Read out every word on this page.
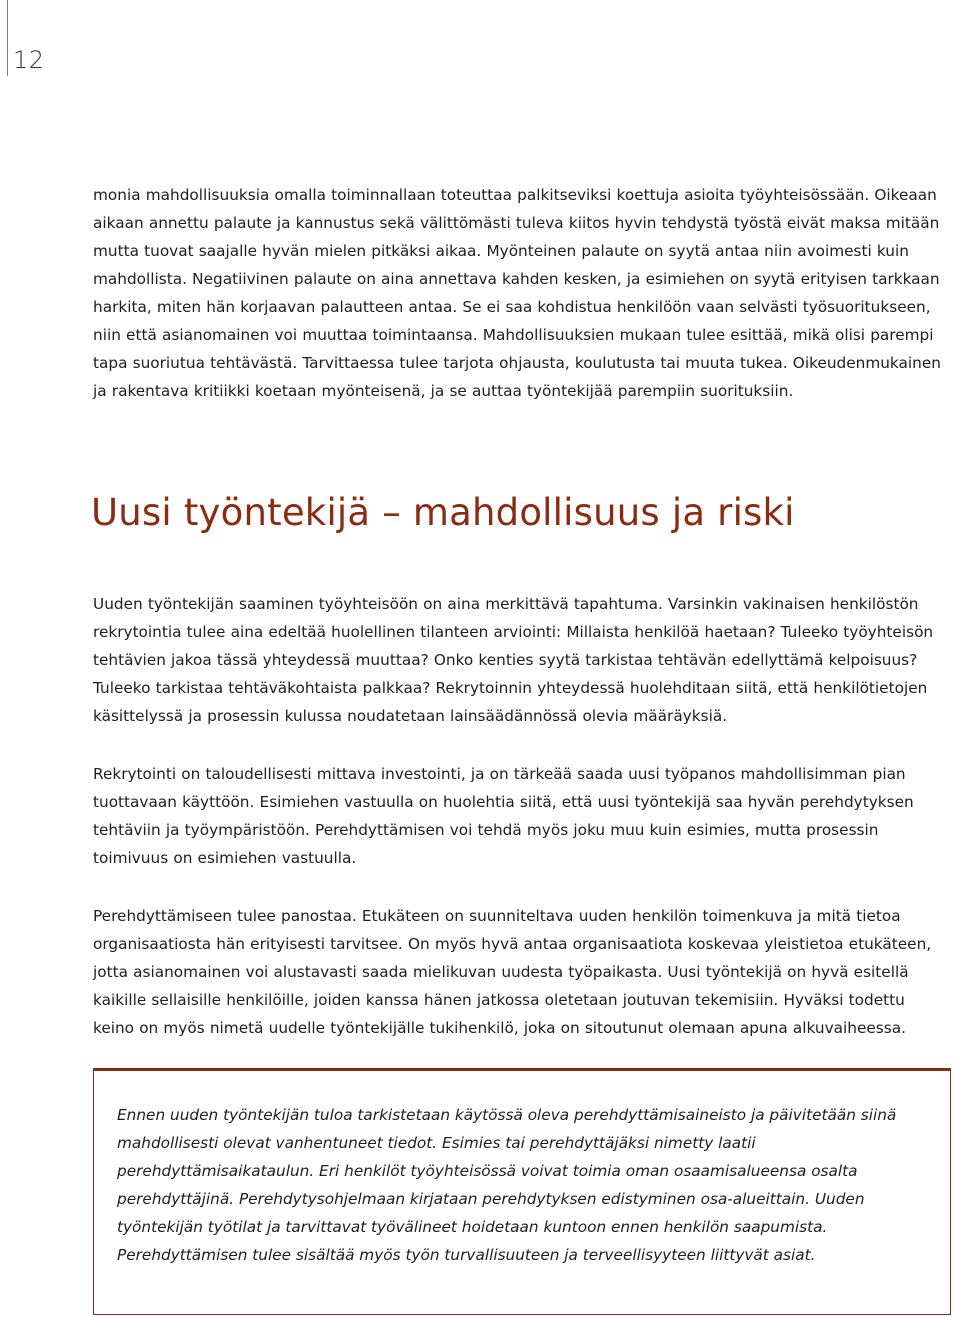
12

monia mahdollisuuksia omalla toiminnallaan toteuttaa palkitseviksi koettuja asioita työyhteisössään. Oikeaan aikaan annettu palaute ja kannustus sekä välittömästi tuleva kiitos hyvin tehdystä työstä eivät maksa mitään mutta tuovat saajalle hyvän mielen pitkäksi aikaa. Myönteinen palaute on syytä antaa niin avoimesti kuin mahdollista. Negatiivinen palaute on aina annettava kahden kesken, ja esimiehen on syytä erityisen tarkkaan harkita, miten hän korjaavan palautteen antaa. Se ei saa kohdistua henkilöön vaan selvästi työsuoritukseen, niin että asianomainen voi muuttaa toimintaansa. Mahdollisuuksien mukaan tulee esittää, mikä olisi parempi tapa suoriutua tehtävästä. Tarvittaessa tulee tarjota ohjausta, koulutusta tai muuta tukea. Oikeudenmukainen ja rakentava kritiikki koetaan myönteisenä, ja se auttaa työntekijää parempiin suorituksiin.

Uusi työntekijä – mahdollisuus ja riski

Uuden työntekijän saaminen työyhteisöön on aina merkittävä tapahtuma. Varsinkin vakinaisen henkilöstön rekrytointia tulee aina edeltää huolellinen tilanteen arviointi: Millaista henkilöä haetaan? Tuleeko työyhteisön tehtävien jakoa tässä yhteydessä muuttaa? Onko kenties syytä tarkistaa tehtävän edellyttämä kelpoisuus? Tuleeko tarkistaa tehtäväkohtaista palkkaa? Rekrytoinnin yhteydessä huolehditaan siitä, että henkilötietojen käsittelyssä ja prosessin kulussa noudatetaan lainsäädännössä olevia määräyksiä.

Rekrytointi on taloudellisesti mittava investointi, ja on tärkeää saada uusi työpanos mahdollisimman pian tuottavaan käyttöön. Esimiehen vastuulla on huolehtia siitä, että uusi työntekijä saa hyvän perehdytyksen tehtäviin ja työympäristöön. Perehdyttämisen voi tehdä myös joku muu kuin esimies, mutta prosessin toimivuus on esimiehen vastuulla.

Perehdyttämiseen tulee panostaa. Etukäteen on suunniteltava uuden henkilön toimenkuva ja mitä tietoa organisaatiosta hän erityisesti tarvitsee. On myös hyvä antaa organisaatiota koskevaa yleistietoa etukäteen, jotta asianomainen voi alustavasti saada mielikuvan uudesta työpaikasta. Uusi työntekijä on hyvä esitellä kaikille sellaisille henkilöille, joiden kanssa hänen jatkossa oletetaan joutuvan tekemisiin. Hyväksi todettu keino on myös nimetä uudelle työntekijälle tukihenkilö, joka on sitoutunut olemaan apuna alkuvaiheessa.

Ennen uuden työntekijän tuloa tarkistetaan käytössä oleva perehdyttämisaineisto ja päivitetään siinä mahdollisesti olevat vanhentuneet tiedot. Esimies tai perehdyttäjäksi nimetty laatii perehdyttämisaikataulun. Eri henkilöt työyhteisössä voivat toimia oman osaamisalueensa osalta perehdyttäjinä. Perehdytysohjelmaan kirjataan perehdytyksen edistyminen osa-alueittain. Uuden työntekijän työtilat ja tarvittavat työvälineet hoidetaan kuntoon ennen henkilön saapumista. Perehdyttämisen tulee sisältää myös työn turvallisuuteen ja terveellisyyteen liittyvät asiat.
